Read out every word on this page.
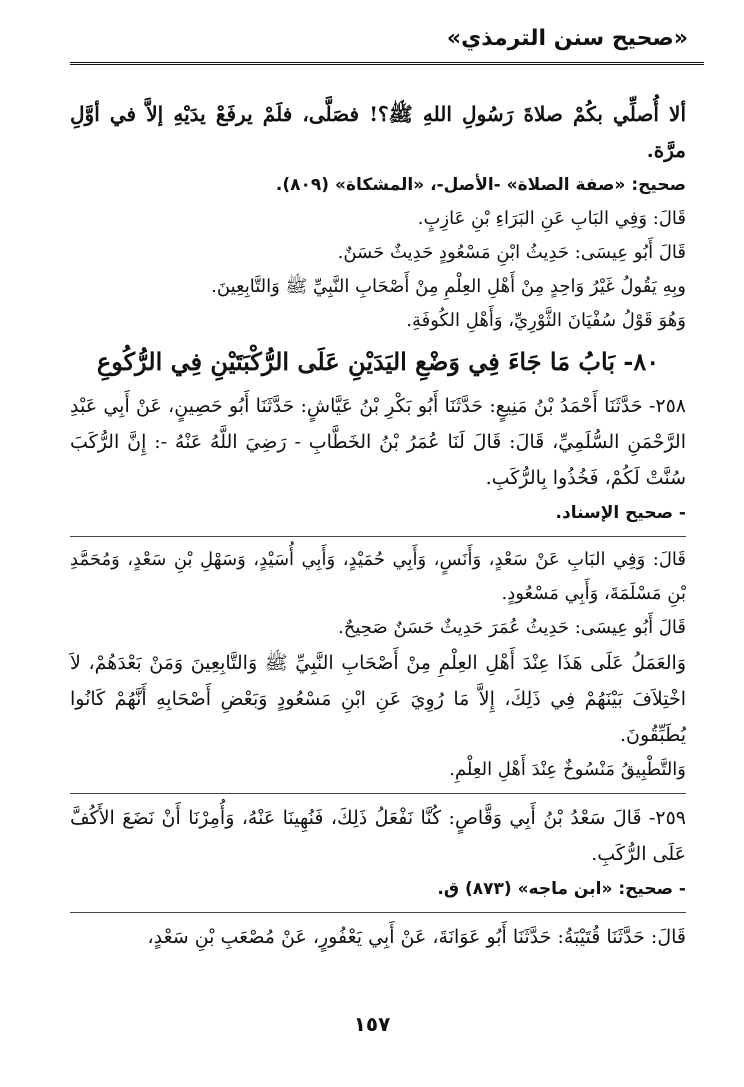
«صحيح سنن الترمذي»

ألا أُصلِّي بكُمْ صلاةَ رَسُولِ اللهِ ﷺ؟! فصَلَّى، فلَمْ يرفَعْ يدَيْهِ إلاَّ في أوَّلِ مرَّة.

صحيح: «صفة الصلاة» -الأصل-، «المشكاة» (٨٠٩).

قَالَ: وَفِي البَابِ عَنِ البَرَاءِ بْنِ عَازِبٍ.

قَالَ أَبُو عِيسَى: حَدِيثُ ابْنِ مَسْعُودٍ حَدِيثٌ حَسَنٌ.

وبِهِ يَقُولُ غَيْرُ وَاحِدٍ مِنْ أَهْلِ العِلْمِ مِنْ أَصْحَابِ النَّبِيِّ ﷺ وَالتَّابِعِينَ.

وَهُوَ قَوْلُ سُفْيَانَ الثَّوْرِيِّ، وَأَهْلِ الكُوفَةِ.

٨٠- بَابُ مَا جَاءَ فِي وَضْعِ اليَدَيْنِ عَلَى الرُّكْبَتَيْنِ فِي الرُّكُوعِ

٢٥٨- حَدَّثَنَا أَحْمَدُ بْنُ مَنِيعٍ: حَدَّثَنَا أَبُو بَكْرِ بْنُ عَيَّاشٍ: حَدَّثَنَا أَبُو حَصِينٍ، عَنْ أَبِي عَبْدِ الرَّحْمَنِ السُّلَمِيِّ، قَالَ: قَالَ لَنَا عُمَرُ بْنُ الخَطَّابِ - رَضِيَ اللَّهُ عَنْهُ -: إِنَّ الرُّكَبَ سُنَّتْ لَكُمْ، فَخُذُوا بِالرُّكَبِ.

- صحيح الإسناد.

قَالَ: وَفِي البَابِ عَنْ سَعْدٍ، وَأَنَسٍ، وَأَبِي حُمَيْدٍ، وَأَبِي أُسَيْدٍ، وَسَهْلِ بْنِ سَعْدٍ، وَمُحَمَّدِ بْنِ مَسْلَمَةَ، وَأَبِي مَسْعُودٍ.

قَالَ أَبُو عِيسَى: حَدِيثُ عُمَرَ حَدِيثٌ حَسَنٌ صَحِيحٌ.

وَالعَمَلُ عَلَى هَذَا عِنْدَ أَهْلِ العِلْمِ مِنْ أَصْحَابِ النَّبِيِّ ﷺ وَالتَّابِعِينَ وَمَنْ بَعْدَهُمْ، لاَ اخْتِلاَفَ بَيْنَهُمْ فِي ذَلِكَ، إِلاَّ مَا رُوِيَ عَنِ ابْنِ مَسْعُودٍ وَبَعْضِ أَصْحَابِهِ أَنَّهُمْ كَانُوا يُطَبِّقُونَ.

وَالتَّطْبِيقُ مَنْسُوخٌ عِنْدَ أَهْلِ العِلْمِ.

٢٥٩- قَالَ سَعْدُ بْنُ أَبِي وَقَّاصٍ: كُنَّا نَفْعَلُ ذَلِكَ، فَنُهِينَا عَنْهُ، وَأُمِرْنَا أَنْ نَضَعَ الأَكُفَّ عَلَى الرُّكَبِ.

- صحيح: «ابن ماجه» (٨٧٣) ق.

قَالَ: حَدَّثَنَا قُتَيْبَةُ: حَدَّثَنَا أَبُو عَوَانَةَ، عَنْ أَبِي يَعْفُورٍ، عَنْ مُصْعَبِ بْنِ سَعْدٍ،

١٥٧
